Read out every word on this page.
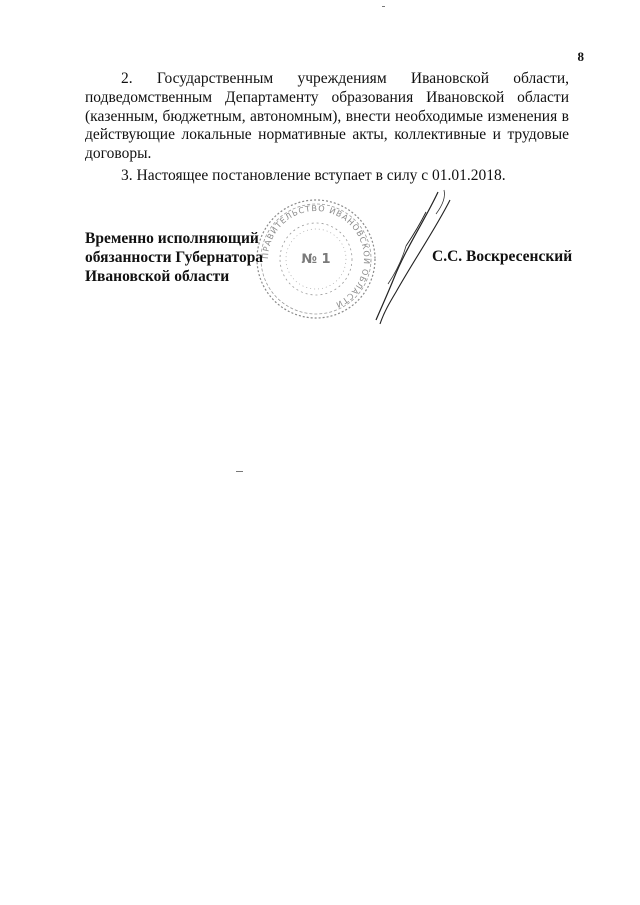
8

2. Государственным учреждениям Ивановской области, подведомственным Департаменту образования Ивановской области (казенным, бюджетным, автономным), внести необходимые изменения в действующие локальные нормативные акты, коллективные и трудовые договоры.

3. Настоящее постановление вступает в силу с 01.01.2018.

ПРАВИТЕЛЬСТВО ИВАНОВСКОЙ ОБЛАСТИ
№ 1
Временно исполняющий
обязанности Губернатора
Ивановской области
С.С. Воскресенский
